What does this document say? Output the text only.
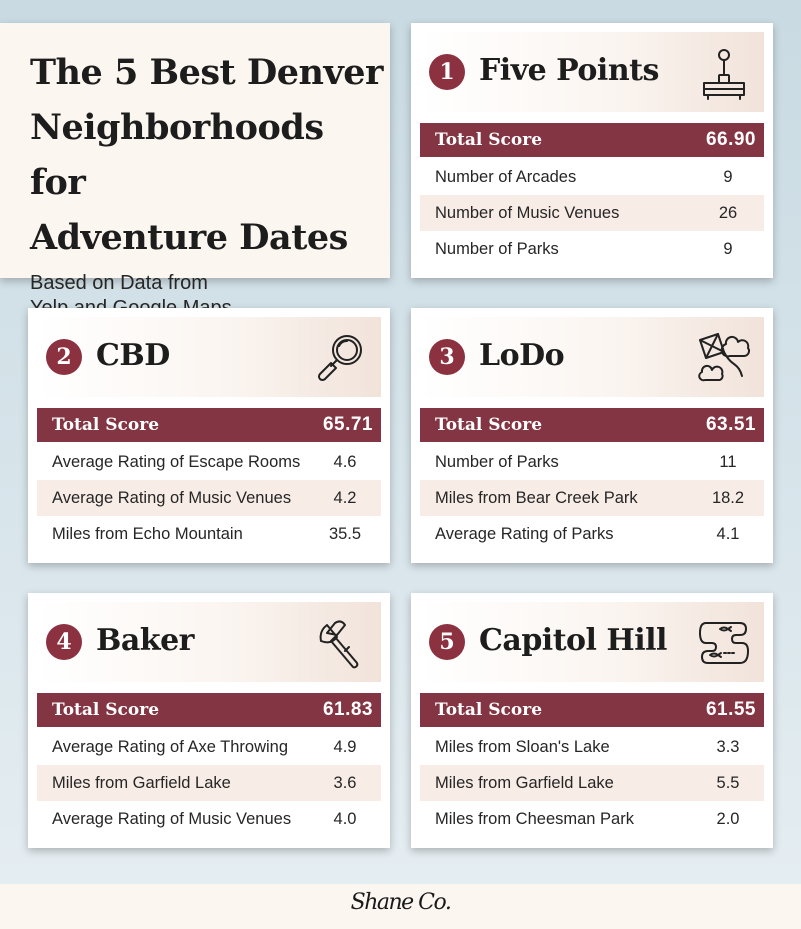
The 5 Best Denver
Neighborhoods for
Adventure Dates
Based on Data from

1 Five Points
Total Score	66.90
Number of Arcades	9
Number of Music Venues	26
Number of Parks	9
2 CBD
Total Score	65.71
Average Rating of Escape Rooms	4.6
Average Rating of Music Venues	4.2
Miles from Echo Mountain	35.5
3 LoDo
Total Score	63.51
Number of Parks	11
Miles from Bear Creek Park	18.2
Average Rating of Parks	4.1
4 Baker
Total Score	61.83
Average Rating of Axe Throwing	4.9
Miles from Garfield Lake	3.6
Average Rating of Music Venues	4.0
5 Capitol Hill
Total Score	61.55
Miles from Sloan's Lake	3.3
Miles from Garfield Lake	5.5
Miles from Cheesman Park	2.0
Shane Co.
